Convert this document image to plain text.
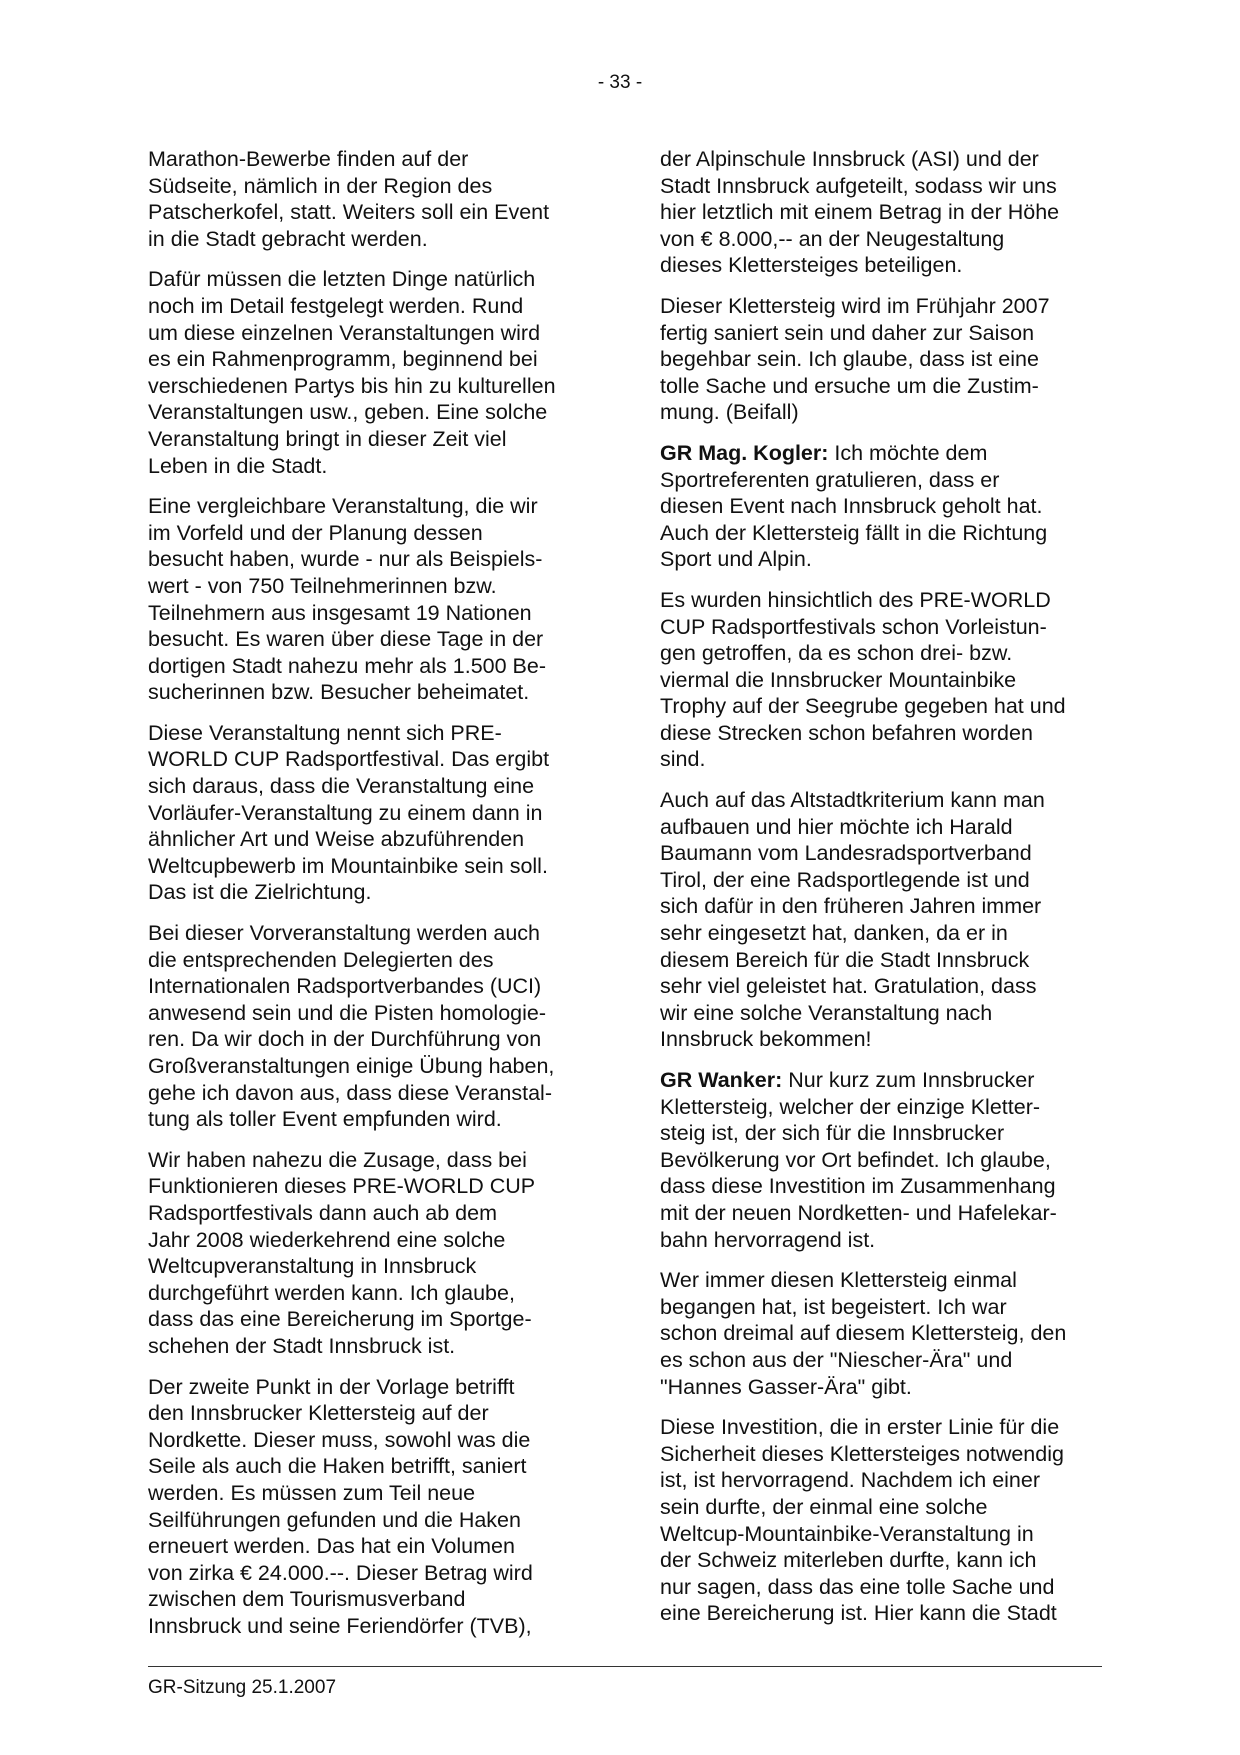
- 33 -

Marathon-Bewerbe finden auf der
Südseite, nämlich in der Region des
Patscherkofel, statt. Weiters soll ein Event
in die Stadt gebracht werden.

Dafür müssen die letzten Dinge natürlich
noch im Detail festgelegt werden. Rund
um diese einzelnen Veranstaltungen wird
es ein Rahmenprogramm, beginnend bei
verschiedenen Partys bis hin zu kulturellen
Veranstaltungen usw., geben. Eine solche
Veranstaltung bringt in dieser Zeit viel
Leben in die Stadt.

Eine vergleichbare Veranstaltung, die wir
im Vorfeld und der Planung dessen
besucht haben, wurde - nur als Beispiels-
wert - von 750 Teilnehmerinnen bzw.
Teilnehmern aus insgesamt 19 Nationen
besucht. Es waren über diese Tage in der
dortigen Stadt nahezu mehr als 1.500 Be-
sucherinnen bzw. Besucher beheimatet.

Diese Veranstaltung nennt sich PRE-
WORLD CUP Radsportfestival. Das ergibt
sich daraus, dass die Veranstaltung eine
Vorläufer-Veranstaltung zu einem dann in
ähnlicher Art und Weise abzuführenden
Weltcupbewerb im Mountainbike sein soll.
Das ist die Zielrichtung.

Bei dieser Vorveranstaltung werden auch
die entsprechenden Delegierten des
Internationalen Radsportverbandes (UCI)
anwesend sein und die Pisten homologie-
ren. Da wir doch in der Durchführung von
Großveranstaltungen einige Übung haben,
gehe ich davon aus, dass diese Veranstal-
tung als toller Event empfunden wird.

Wir haben nahezu die Zusage, dass bei
Funktionieren dieses PRE-WORLD CUP
Radsportfestivals dann auch ab dem
Jahr 2008 wiederkehrend eine solche
Weltcupveranstaltung in Innsbruck
durchgeführt werden kann. Ich glaube,
dass das eine Bereicherung im Sportge-
schehen der Stadt Innsbruck ist.

Der zweite Punkt in der Vorlage betrifft
den Innsbrucker Klettersteig auf der
Nordkette. Dieser muss, sowohl was die
Seile als auch die Haken betrifft, saniert
werden. Es müssen zum Teil neue
Seilführungen gefunden und die Haken
erneuert werden. Das hat ein Volumen
von zirka € 24.000.--. Dieser Betrag wird
zwischen dem Tourismusverband
Innsbruck und seine Feriendörfer (TVB),

der Alpinschule Innsbruck (ASI) und der
Stadt Innsbruck aufgeteilt, sodass wir uns
hier letztlich mit einem Betrag in der Höhe
von € 8.000,-- an der Neugestaltung
dieses Klettersteiges beteiligen.

Dieser Klettersteig wird im Frühjahr 2007
fertig saniert sein und daher zur Saison
begehbar sein. Ich glaube, dass ist eine
tolle Sache und ersuche um die Zustim-
mung. (Beifall)

GR Mag. Kogler: Ich möchte dem
Sportreferenten gratulieren, dass er
diesen Event nach Innsbruck geholt hat.
Auch der Klettersteig fällt in die Richtung
Sport und Alpin.

Es wurden hinsichtlich des PRE-WORLD
CUP Radsportfestivals schon Vorleistun-
gen getroffen, da es schon drei- bzw.
viermal die Innsbrucker Mountainbike
Trophy auf der Seegrube gegeben hat und
diese Strecken schon befahren worden
sind.

Auch auf das Altstadtkriterium kann man
aufbauen und hier möchte ich Harald
Baumann vom Landesradsportverband
Tirol, der eine Radsportlegende ist und
sich dafür in den früheren Jahren immer
sehr eingesetzt hat, danken, da er in
diesem Bereich für die Stadt Innsbruck
sehr viel geleistet hat. Gratulation, dass
wir eine solche Veranstaltung nach
Innsbruck bekommen!

GR Wanker: Nur kurz zum Innsbrucker
Klettersteig, welcher der einzige Kletter-
steig ist, der sich für die Innsbrucker
Bevölkerung vor Ort befindet. Ich glaube,
dass diese Investition im Zusammenhang
mit der neuen Nordketten- und Hafelekar-
bahn hervorragend ist.

Wer immer diesen Klettersteig einmal
begangen hat, ist begeistert. Ich war
schon dreimal auf diesem Klettersteig, den
es schon aus der "Niescher-Ära" und
"Hannes Gasser-Ära" gibt.

Diese Investition, die in erster Linie für die
Sicherheit dieses Klettersteiges notwendig
ist, ist hervorragend. Nachdem ich einer
sein durfte, der einmal eine solche
Weltcup-Mountainbike-Veranstaltung in
der Schweiz miterleben durfte, kann ich
nur sagen, dass das eine tolle Sache und
eine Bereicherung ist. Hier kann die Stadt

GR-Sitzung 25.1.2007
